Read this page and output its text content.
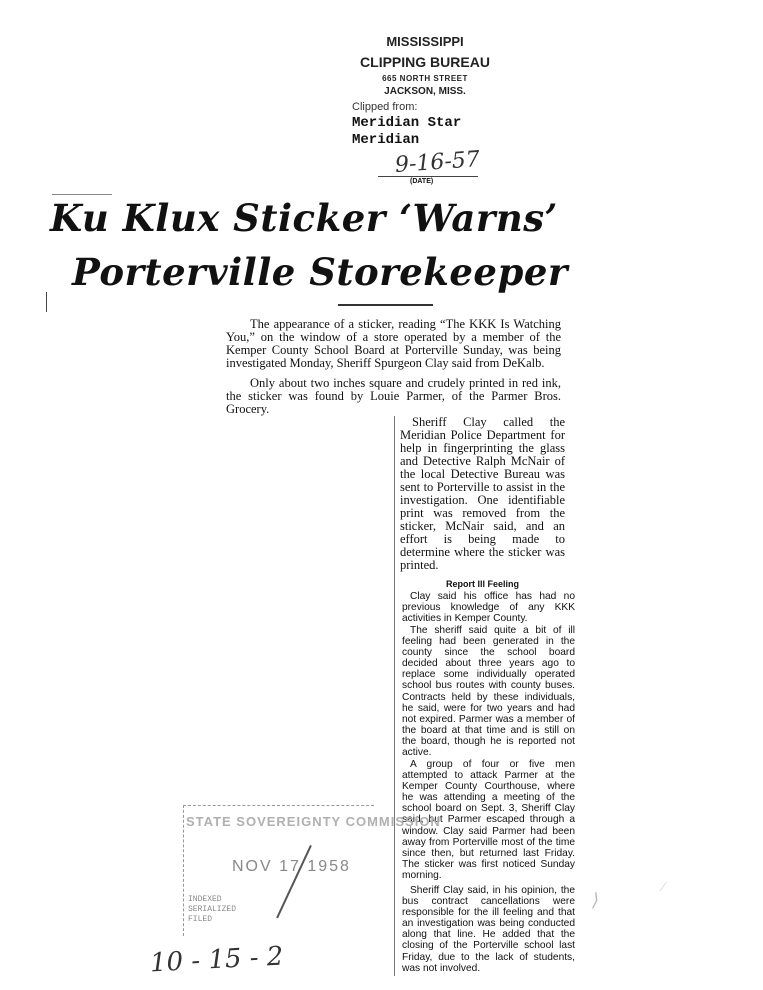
MISSISSIPPI
CLIPPING BUREAU
665 NORTH STREET
JACKSON, MISS.
Clipped from:
Meridian Star
Meridian
9-16-57
(DATE)
Ku Klux Sticker ‘Warns’
Porterville Storekeeper

The appearance of a sticker, reading “The KKK Is Watching You,” on the window of a store operated by a member of the Kemper County School Board at Porterville Sunday, was being investigated Monday, Sheriff Spurgeon Clay said from DeKalb.

Only about two inches square and crudely printed in red ink, the sticker was found by Louie Parmer, of the Parmer Bros. Grocery.

Sheriff Clay called the Meridian Police Department for help in fingerprinting the glass and Detective Ralph McNair of the local Detective Bureau was sent to Porterville to assist in the investigation. One identifiable print was removed from the sticker, McNair said, and an effort is being made to determine where the sticker was printed.

Report Ill Feeling

Clay said his office has had no previous knowledge of any KKK activities in Kemper County.

The sheriff said quite a bit of ill feeling had been generated in the county since the school board decided about three years ago to replace some individually operated school bus routes with county buses. Contracts held by these individuals, he said, were for two years and had not expired. Parmer was a member of the board at that time and is still on the board, though he is reported not active.

A group of four or five men attempted to attack Parmer at the Kemper County Courthouse, where he was attending a meeting of the school board on Sept. 3, Sheriff Clay said, but Parmer escaped through a window. Clay said Parmer had been away from Porterville most of the time since then, but returned last Friday. The sticker was first noticed Sunday morning.

Sheriff Clay said, in his opinion, the bus contract cancellations were responsible for the ill feeling and that an investigation was being conducted along that line. He added that the closing of the Porterville school last Friday, due to the lack of students, was not involved.

STATE SOVEREIGNTY COMMISSION
NOV 17 1958
INDEXED
SERIALIZED
FILED
10 - 15 - 2
⟩
⁄
